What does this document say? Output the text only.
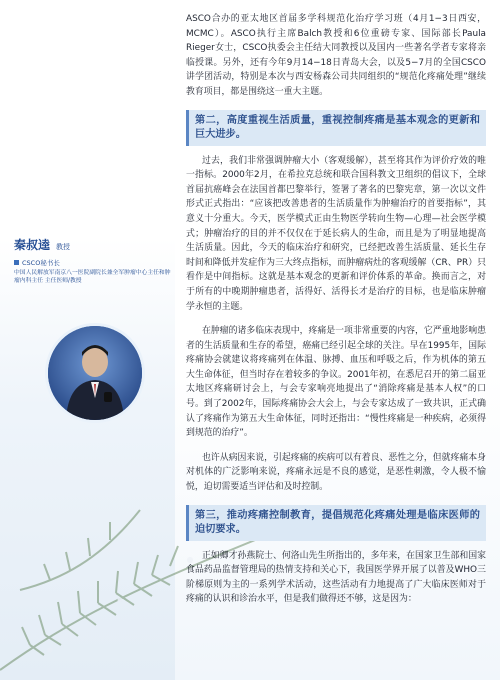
秦叔逵 教授
CSCO秘书长
中国人民解放军南京八一医院副院长兼全军肿瘤中心主任和肿瘤内科主任 主任医师/教授

ASCO合办的亚太地区首届多学科规范化治疗学习班（4月1−3日西安，MCMC）。ASCO执行主席Balch教授和6位重磅专家、国际部长Paula Rieger女士，CSCO执委会主任结大同教授以及国内一些著名学者专家将亲临授课。另外，还有今年9月14−18日青岛大会，以及5−7月的全国CSCO讲学团活动，特别是本次与西安杨森公司共同组织的“规范化疼痛处理”继续教育项目，都是围绕这一重大主题。

第二，高度重视生活质量，重视控制疼痛是基本观念的更新和巨大进步。

过去，我们非常强调肿瘤大小（客观缓解），甚至将其作为评价疗效的唯一指标。2000年2月，在希拉克总统和联合国科教文卫组织的倡议下，全球首届抗癌峰会在法国首都巴黎举行，签署了著名的巴黎宪章，第一次以文件形式正式指出：“应该把改善患者的生活质量作为肿瘤治疗的首要指标”，其意义十分重大。今天，医学模式正由生物医学转向生物—心理—社会医学模式；肿瘤治疗的目的并不仅仅在于延长病人的生命，而且是为了明显地提高生活质量。因此，今天的临床治疗和研究，已经把改善生活质量、延长生存时间和降低并发症作为三大终点指标，而肿瘤病灶的客观缓解（CR、PR）只看作是中间指标。这就是基本观念的更新和评价体系的革命。换而言之，对于所有的中晚期肿瘤患者，活得好、活得长才是治疗的目标，也是临床肿瘤学永恒的主题。

在肿瘤的诸多临床表现中，疼痛是一项非常重要的内容，它严重地影响患者的生活质量和生存的希望，癌痛已经引起全球的关注。早在1995年，国际疼痛协会就建议将疼痛列在体温、脉搏、血压和呼吸之后，作为机体的第五大生命体征，但当时存在着较多的争议。2001年初，在悉尼召开的第二届亚太地区疼痛研讨会上，与会专家响亮地提出了“消除疼痛是基本人权”的口号。到了2002年，国际疼痛协会大会上，与会专家达成了一致共识，正式确认了疼痛作为第五大生命体征，同时还指出：“慢性疼痛是一种疾病，必须得到规范的治疗”。

也许从病因来说，引起疼痛的疾病可以有着良、恶性之分，但就疼痛本身对机体的广泛影响来说，疼痛永远是不良的感觉，是恶性刺激，令人极不愉悦，迫切需要适当评估和及时控制。

第三，推动疼痛控制教育，提倡规范化疼痛处理是临床医师的迫切要求。

正如卿才孙燕院士、何洛山先生所指出的，多年来，在国家卫生部和国家食品药品监督管理局的热情支持和关心下，我国医学界开展了以普及WHO三阶梯原则为主的一系列学术活动，这些活动有力地提高了广大临床医师对于疼痛的认识和诊治水平，但是我们做得还不够，这是因为：
